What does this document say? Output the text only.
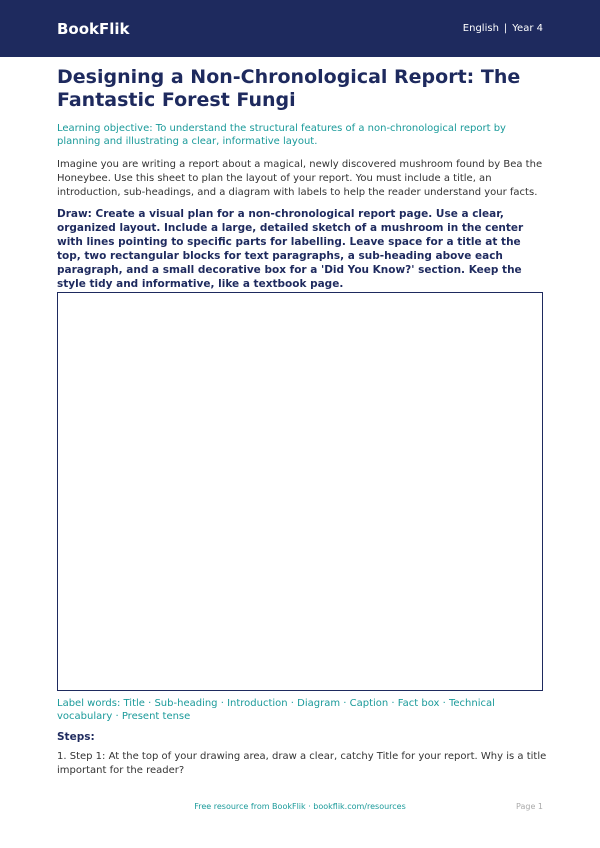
BookFlik	English | Year 4
Designing a Non-Chronological Report: The Fantastic Forest Fungi

Learning objective: To understand the structural features of a non-chronological report by planning and illustrating a clear, informative layout.

Imagine you are writing a report about a magical, newly discovered mushroom found by Bea the Honeybee. Use this sheet to plan the layout of your report. You must include a title, an introduction, sub-headings, and a diagram with labels to help the reader understand your facts.

Draw: Create a visual plan for a non-chronological report page. Use a clear, organized layout. Include a large, detailed sketch of a mushroom in the center with lines pointing to specific parts for labelling. Leave space for a title at the top, two rectangular blocks for text paragraphs, a sub-heading above each paragraph, and a small decorative box for a 'Did You Know?' section. Keep the style tidy and informative, like a textbook page.

Label words: Title · Sub-heading · Introduction · Diagram · Caption · Fact box · Technical vocabulary · Present tense

Steps:

1. Step 1: At the top of your drawing area, draw a clear, catchy Title for your report. Why is a title important for the reader?

Free resource from BookFlik · bookflik.com/resources	Page 1
